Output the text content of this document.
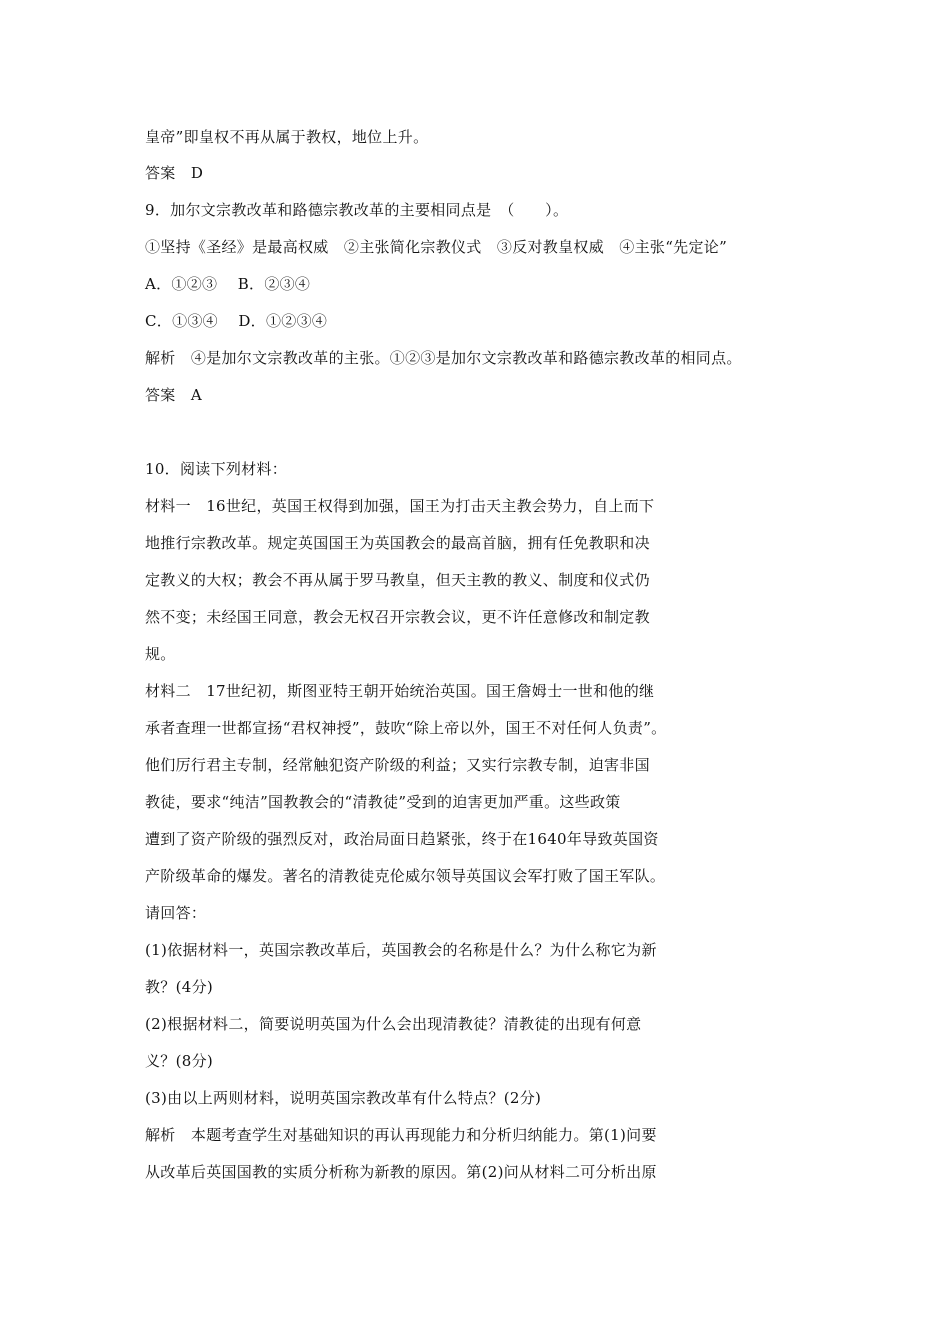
皇帝”即皇权不再从属于教权，地位上升。
答案　D
9．加尔文宗教改革和路德宗教改革的主要相同点是　（　　）。
①坚持《圣经》是最高权威　②主张简化宗教仪式　③反对教皇权威　④主张“先定论”
A．①②③　 B．②③④
C．①③④　 D．①②③④
解析　④是加尔文宗教改革的主张。①②③是加尔文宗教改革和路德宗教改革的相同点。
答案　A
10．阅读下列材料：
材料一　16世纪，英国王权得到加强，国王为打击天主教会势力，自上而下
地推行宗教改革。规定英国国王为英国教会的最高首脑，拥有任免教职和决
定教义的大权；教会不再从属于罗马教皇，但天主教的教义、制度和仪式仍
然不变；未经国王同意，教会无权召开宗教会议，更不许任意修改和制定教
规。
材料二　17世纪初，斯图亚特王朝开始统治英国。国王詹姆士一世和他的继
承者查理一世都宣扬“君权神授”，鼓吹“除上帝以外，国王不对任何人负责”。
他们厉行君主专制，经常触犯资产阶级的利益；又实行宗教专制，迫害非国
教徒，要求“纯洁”国教教会的“清教徒”受到的迫害更加严重。这些政策
遭到了资产阶级的强烈反对，政治局面日趋紧张，终于在1640年导致英国资
产阶级革命的爆发。著名的清教徒克伦威尔领导英国议会军打败了国王军队。
请回答：
(1)依据材料一，英国宗教改革后，英国教会的名称是什么？为什么称它为新
教？(4分)
(2)根据材料二，简要说明英国为什么会出现清教徒？清教徒的出现有何意
义？(8分)
(3)由以上两则材料，说明英国宗教改革有什么特点？(2分)
解析　本题考查学生对基础知识的再认再现能力和分析归纳能力。第(1)问要
从改革后英国国教的实质分析称为新教的原因。第(2)问从材料二可分析出原
